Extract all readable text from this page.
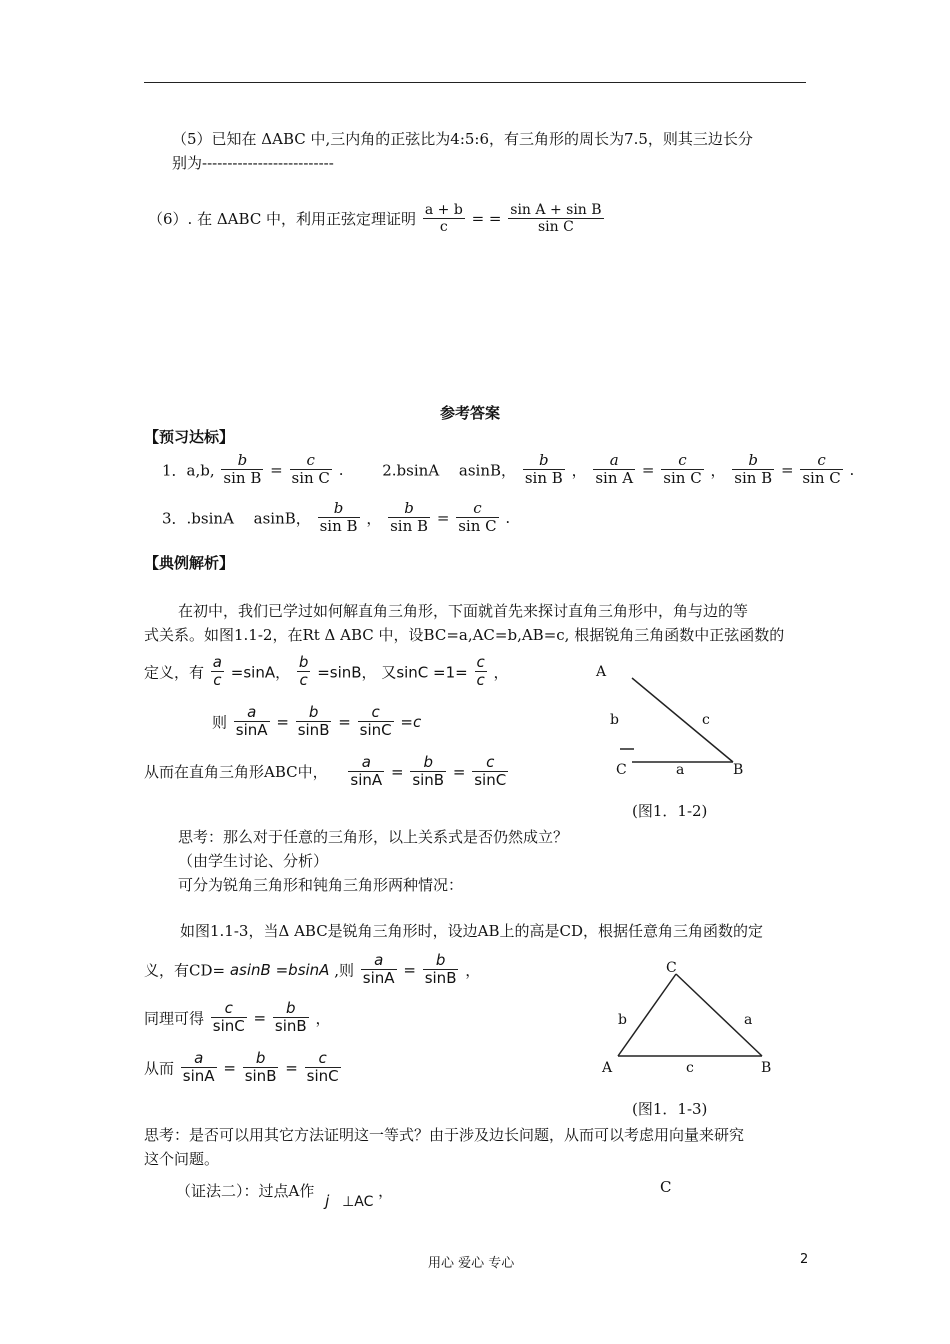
（5）已知在 ΔABC 中,三内角的正弦比为4:5:6，有三角形的周长为7.5，则其三边长分
别为--------------------------
（6）. 在 ΔABC 中，利用正弦定理证明 $\frac{a + b}{c}$ = = $\frac{\text{sin A + sin B}}{\text{sin C}}$
参考答案
【预习达标】
1．a,b, $\frac{b}{\text{sin B}} = \frac{c}{\text{sin C}}$ .	2.bsinA　 asinB， $\frac{b}{\text{sin B}}$ ， $\frac{a}{\text{sin A}} = \frac{c}{\text{sin C}}$ ， $\frac{b}{\text{sin B}} = \frac{c}{\text{sin C}}$ .
3．.bsinA　 asinB， $\frac{b}{\text{sin B}}$ ， $\frac{b}{\text{sin B}} = \frac{c}{\text{sin C}}$ .
【典例解析】
在初中，我们已学过如何解直角三角形，下面就首先来探讨直角三角形中，角与边的等
式关系。如图1.1-2，在Rt Δ ABC 中，设BC=a,AC=b,AB=c, 根据锐角三角函数中正弦函数的
定义，有 $\frac{a}{c} =\sin A$， $\frac{b}{c} =\sin B$， 又$\sin C =1= \frac{c}{c}$ ，
则 $\frac{a}{\sin A} = \frac{b}{\sin B} = \frac{c}{\sin C} =c$
从而在直角三角形ABC中， $\frac{a}{\sin A} = \frac{b}{\sin B} = \frac{c}{\sin C}$
A
b	c
C	a	B
(图1．1-2)
思考：那么对于任意的三角形，以上关系式是否仍然成立？
（由学生讨论、分析）
可分为锐角三角形和钝角三角形两种情况：
如图1.1-3，当Δ ABC是锐角三角形时，设边AB上的高是CD，根据任意角三角函数的定
义，有CD= asinB =bsinA ,则 $\frac{a}{\sin A} = \frac{b}{\sin B}$ ，
同理可得 $\frac{c}{\sin C} = \frac{b}{\sin B}$ ，
从而 $\frac{a}{\sin A} = \frac{b}{\sin B} = \frac{c}{\sin C}$
C
b	a
A	c	B
(图1．1-3)
思考：是否可以用其它方法证明这一等式？由于涉及边长问题，从而可以考虑用向量来研究
这个问题。
（证法二）：过点A作 j ⊥AC ，	C
用心 爱心 专心	2
